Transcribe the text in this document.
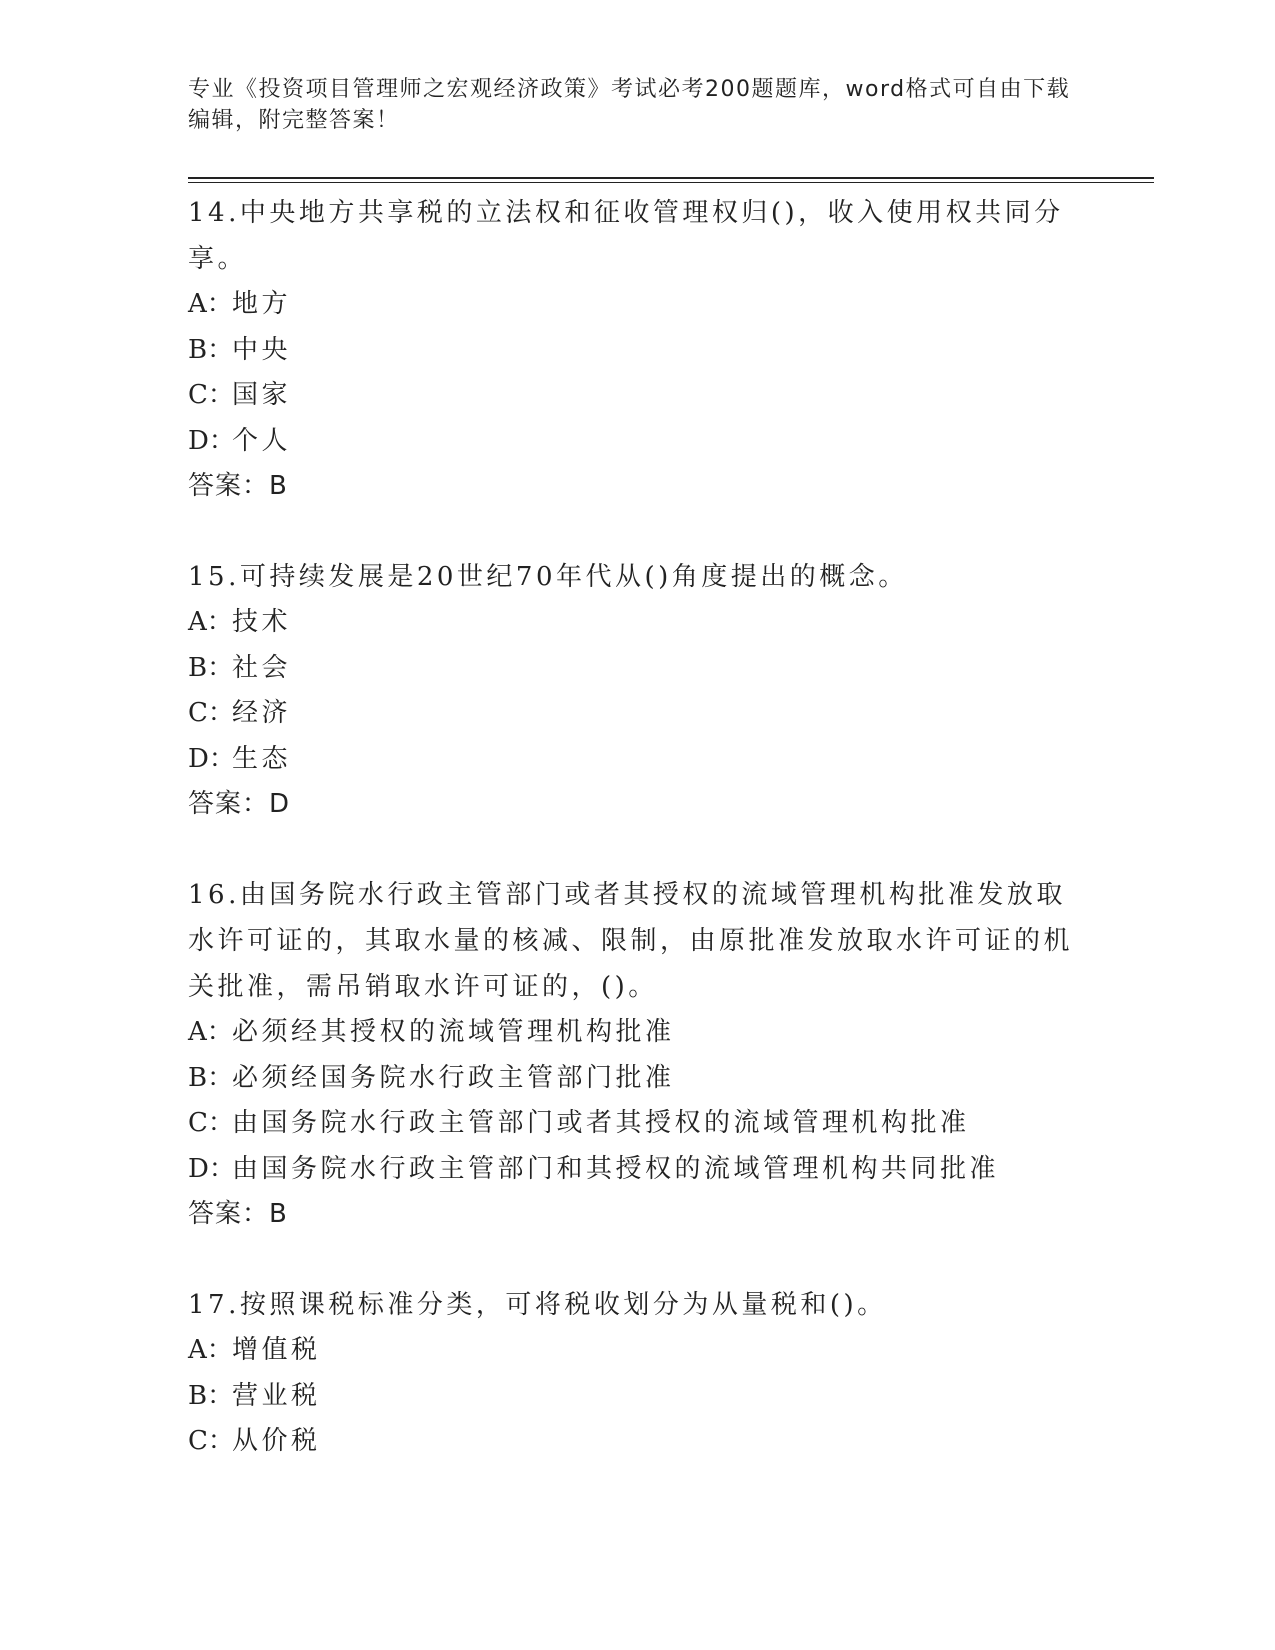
专业《投资项目管理师之宏观经济政策》考试必考200题题库，word格式可自由下载编辑，附完整答案！

14.中央地方共享税的立法权和征收管理权归()，收入使用权共同分享。

A：地方

B：中央

C：国家

D：个人

答案：B

15.可持续发展是20世纪70年代从()角度提出的概念。

A：技术

B：社会

C：经济

D：生态

答案：D

16.由国务院水行政主管部门或者其授权的流域管理机构批准发放取水许可证的，其取水量的核减、限制，由原批准发放取水许可证的机关批准，需吊销取水许可证的，()。

A：必须经其授权的流域管理机构批准

B：必须经国务院水行政主管部门批准

C：由国务院水行政主管部门或者其授权的流域管理机构批准

D：由国务院水行政主管部门和其授权的流域管理机构共同批准

答案：B

17.按照课税标准分类，可将税收划分为从量税和()。

A：增值税

B：营业税

C：从价税
